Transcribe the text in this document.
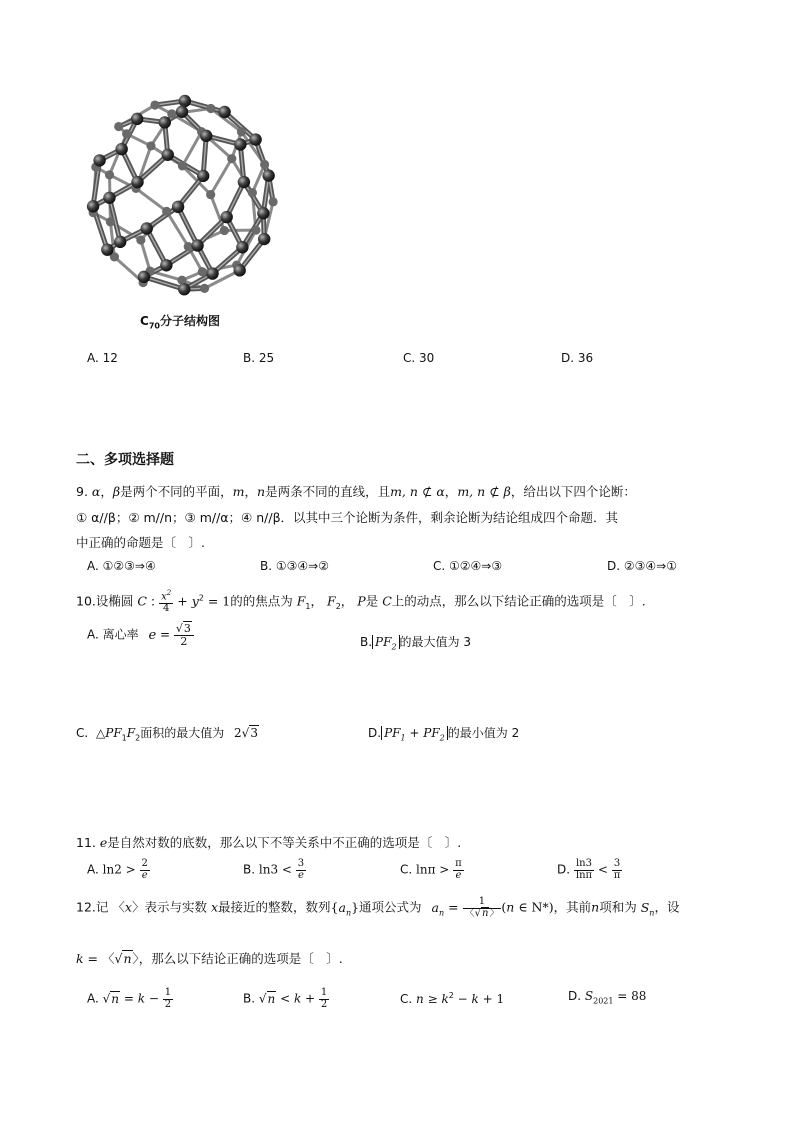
$C_{70}$分子结构图
A. 12	B. 25	C. 30	D. 36
二、多项选择题
9. α，β是两个不同的平面，m，n是两条不同的直线，且m, n ⊄ α，m, n ⊄ β，给出以下四个论断：
① α//β；② m//n；③ m//α；④ n//β．以其中三个论断为条件，剩余论断为结论组成四个命题．其
中正确的命题是〔　〕.
A. ①②③⇒④	B. ①③④⇒②	C. ①②④⇒③	D. ②③④⇒①
10.设椭圆 C : $\frac{x^2}{4} + y^2 = 1$的的焦点为 $F_1$， $F_2$， P是 C上的动点，那么以下结论正确的选项是〔　〕.
A. 离心率 $e = \frac{√3}{2}$	B. $PF_2$ 的最大值为 3
C. $\triangle PF_1F_2$面积的最大值为 2√3	D. $PF_1 + PF_2$ 的最小值为 2
11. e是自然对数的底数，那么以下不等关系中不正确的选项是〔　〕.
A. $\ln 2 > \frac{2}{e}$	B. $\ln 3 < \frac{3}{e}$	C. $\ln\pi > \frac{\pi}{e}$	D. $\frac{\ln 3}{\ln\pi} < \frac{3}{\pi}$
12.记 〈x〉表示与实数 x最接近的整数，数列$\{a_n\}$通项公式为 $a_n = \frac{1}{〈√n〉} (n$ ∈ N*)，其前n项和为 $S_n$，设
k = 〈√n〉，那么以下结论正确的选项是〔　〕.
A. $√n = k - \frac{1}{2}$	B. $√n < k + \frac{1}{2}$	C. $n \ge k^2 - k + 1$	D. $S_{2021} = 88$
